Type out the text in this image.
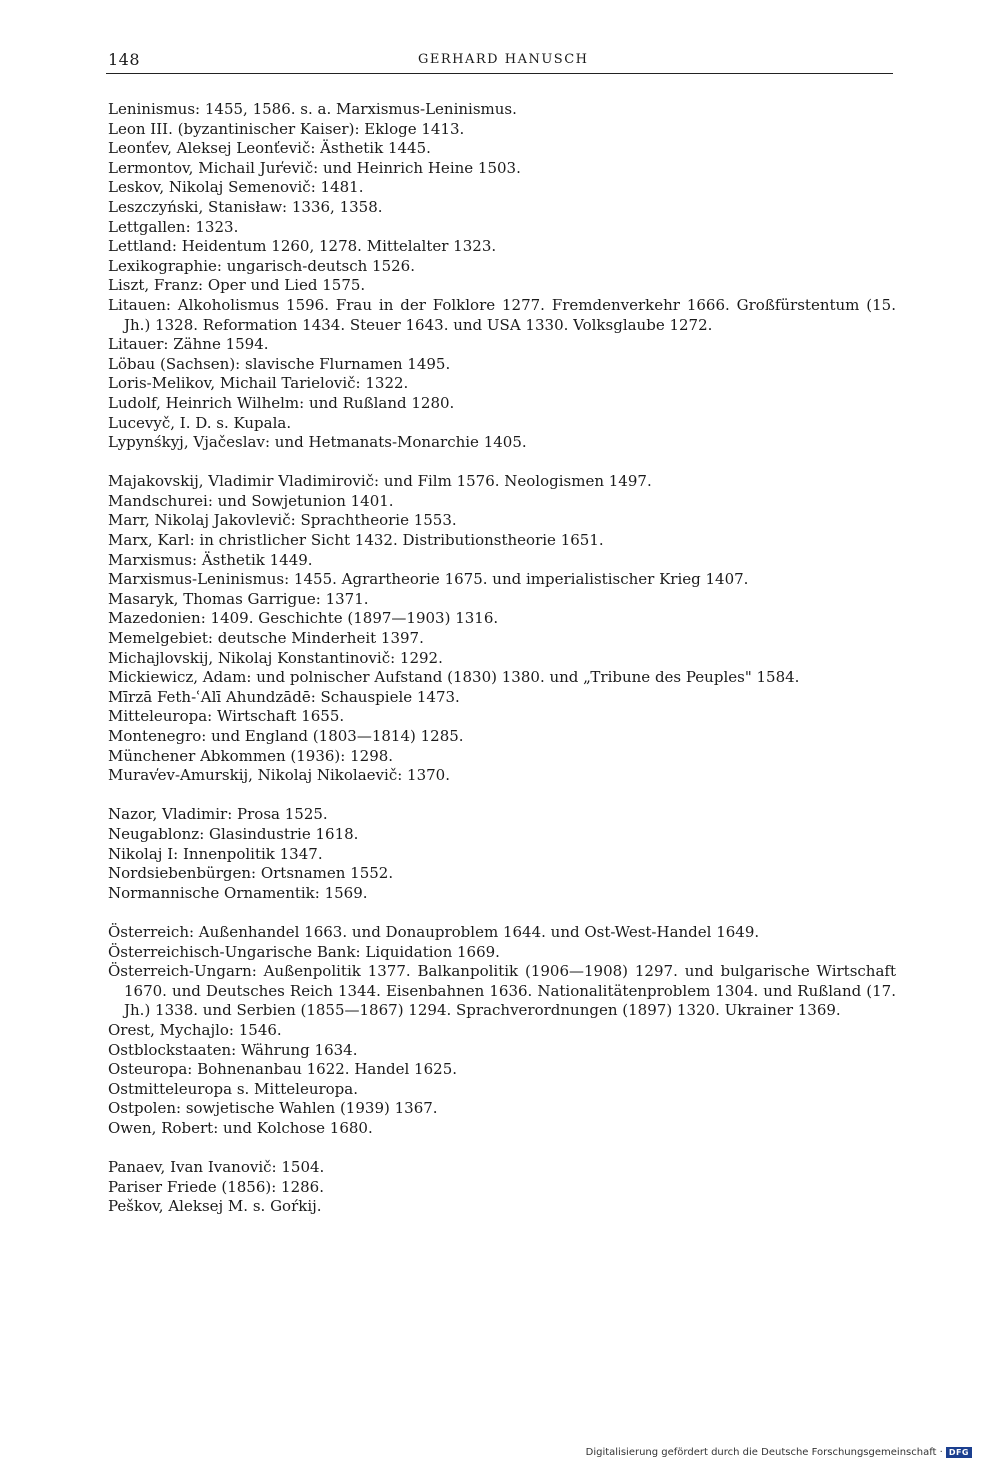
148	GERHARD HANUSCH
Leninismus: 1455, 1586. s. a. Marxismus-Leninismus.
Leon III. (byzantinischer Kaiser): Ekloge 1413.
Leonťev, Aleksej Leonťevič: Ästhetik 1445.
Lermontov, Michail Jur̕evič: und Heinrich Heine 1503.
Leskov, Nikolaj Semenovič: 1481.
Leszczyński, Stanisław: 1336, 1358.
Lettgallen: 1323.
Lettland: Heidentum 1260, 1278. Mittelalter 1323.
Lexikographie: ungarisch-deutsch 1526.
Liszt, Franz: Oper und Lied 1575.
Litauen: Alkoholismus 1596. Frau in der Folklore 1277. Fremdenverkehr 1666. Großfürstentum (15. Jh.) 1328. Reformation 1434. Steuer 1643. und USA 1330. Volksglaube 1272.
Litauer: Zähne 1594.
Löbau (Sachsen): slavische Flurnamen 1495.
Loris-Melikov, Michail Tarielovič: 1322.
Ludolf, Heinrich Wilhelm: und Rußland 1280.
Lucevyč, I. D. s. Kupala.
Lypynśkyj, Vjačeslav: und Hetmanats-Monarchie 1405.
Majakovskij, Vladimir Vladimirovič: und Film 1576. Neologismen 1497.
Mandschurei: und Sowjetunion 1401.
Marr, Nikolaj Jakovlevič: Sprachtheorie 1553.
Marx, Karl: in christlicher Sicht 1432. Distributionstheorie 1651.
Marxismus: Ästhetik 1449.
Marxismus-Leninismus: 1455. Agrartheorie 1675. und imperialistischer Krieg 1407.
Masaryk, Thomas Garrigue: 1371.
Mazedonien: 1409. Geschichte (1897—1903) 1316.
Memelgebiet: deutsche Minderheit 1397.
Michajlovskij, Nikolaj Konstantinovič: 1292.
Mickiewicz, Adam: und polnischer Aufstand (1830) 1380. und „Tribune des Peuples" 1584.
Mīrzā Feth-ʿAlī Ahundzādē: Schauspiele 1473.
Mitteleuropa: Wirtschaft 1655.
Montenegro: und England (1803—1814) 1285.
Münchener Abkommen (1936): 1298.
Murav̕ev-Amurskij, Nikolaj Nikolaevič: 1370.
Nazor, Vladimir: Prosa 1525.
Neugablonz: Glasindustrie 1618.
Nikolaj I: Innenpolitik 1347.
Nordsiebenbürgen: Ortsnamen 1552.
Normannische Ornamentik: 1569.
Österreich: Außenhandel 1663. und Donauproblem 1644. und Ost-West-Handel 1649.
Österreichisch-Ungarische Bank: Liquidation 1669.
Österreich-Ungarn: Außenpolitik 1377. Balkanpolitik (1906—1908) 1297. und bulgarische Wirtschaft 1670. und Deutsches Reich 1344. Eisenbahnen 1636. Nationalitätenproblem 1304. und Rußland (17. Jh.) 1338. und Serbien (1855—1867) 1294. Sprachverordnungen (1897) 1320. Ukrainer 1369.
Orest, Mychajlo: 1546.
Ostblockstaaten: Währung 1634.
Osteuropa: Bohnenanbau 1622. Handel 1625.
Ostmitteleuropa s. Mitteleuropa.
Ostpolen: sowjetische Wahlen (1939) 1367.
Owen, Robert: und Kolchose 1680.
Panaev, Ivan Ivanovič: 1504.
Pariser Friede (1856): 1286.
Peškov, Aleksej M. s. Goŕkij.
Digitalisierung gefördert durch die Deutsche Forschungsgemeinschaft · DFG
